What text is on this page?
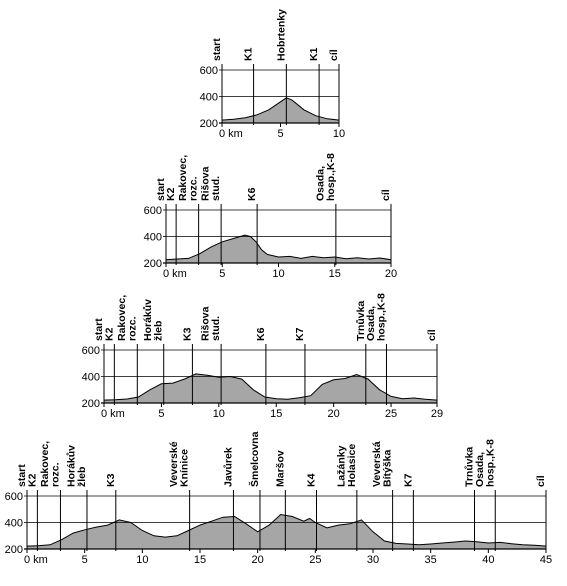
start K1 Hobrtenky K1 cíl
200
400
600
0 km	5	10
start
K2 Rakovec,
rozc. Rišova
stud. K6	Osada,
hosp.,K-8	cíl
200
400
600
0 km	5	10	15	20
start
K2 Rakovec,
rozc. Horákův
žleb K3 Rišova
stud.	K6	K7	Trnůvka
Osada,
hosp.,K-8	cíl
200
400
600
0 km	5	10	15	20	25	29
start
K2 Rakovec,
rozc. Horákův
žleb K3	Veverské
Knínice	Javůrek Šmelcovna Maršov K4 Lažánky
Holasice Veverská
Bítýška K7	Trnůvka
Osada,
hosp.,K-8	cíl
200
400
600
0 km	5	10	15	20	25	30	35	40	45
